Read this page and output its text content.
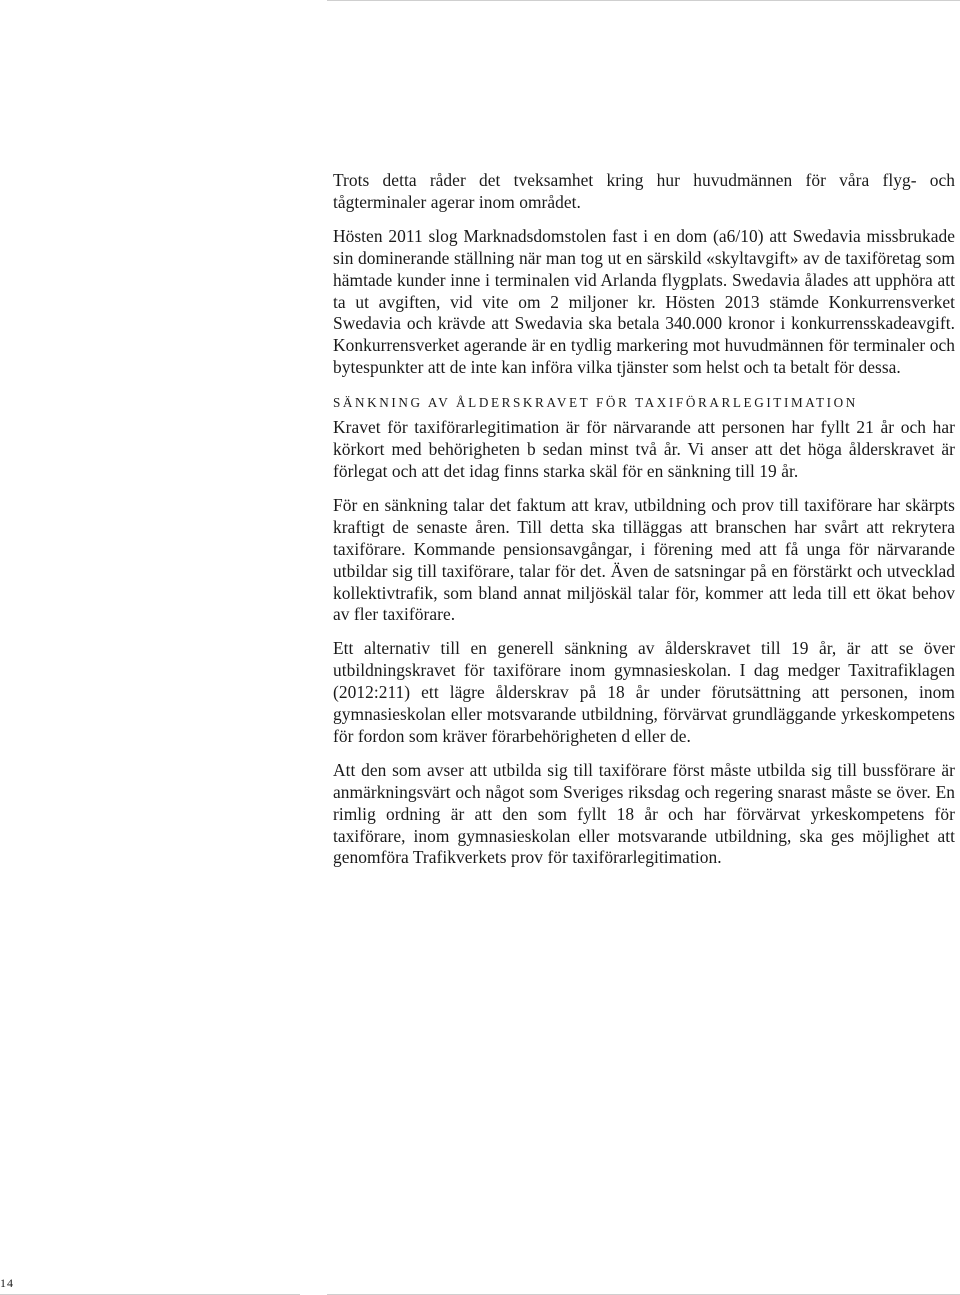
Trots detta råder det tveksamhet kring hur huvudmännen för våra flyg- och tågterminaler agerar inom området.

Hösten 2011 slog Marknadsdomstolen fast i en dom (a6/10) att Swedavia missbrukade sin dominerande ställning när man tog ut en särskild «skyltavgift» av de taxiföretag som hämtade kunder inne i terminalen vid Arlanda flygplats. Swedavia ålades att upphöra att ta ut avgiften, vid vite om 2 miljoner kr. Hösten 2013 stämde Konkurrensverket Swedavia och krävde att Swedavia ska betala 340.000 kronor i konkurrensskadeavgift. Konkurrensverket agerande är en tydlig markering mot huvudmännen för terminaler och bytespunkter att de inte kan införa vilka tjänster som helst och ta betalt för dessa.

SÄNKNING AV ÅLDERSKRAVET FÖR TAXIFÖRARLEGITIMATION

Kravet för taxiförarlegitimation är för närvarande att personen har fyllt 21 år och har körkort med behörigheten b sedan minst två år. Vi anser att det höga ålderskravet är förlegat och att det idag finns starka skäl för en sänkning till 19 år.

För en sänkning talar det faktum att krav, utbildning och prov till taxiförare har skärpts kraftigt de senaste åren. Till detta ska tilläggas att branschen har svårt att rekrytera taxiförare. Kommande pensionsavgångar, i förening med att få unga för närvarande utbildar sig till taxiförare, talar för det. Även de satsningar på en förstärkt och utvecklad kollektivtrafik, som bland annat miljöskäl talar för, kommer att leda till ett ökat behov av fler taxiförare.

Ett alternativ till en generell sänkning av ålderskravet till 19 år, är att se över utbildningskravet för taxiförare inom gymnasieskolan. I dag medger Taxitrafiklagen (2012:211) ett lägre ålderskrav på 18 år under förutsättning att personen, inom gymnasieskolan eller motsvarande utbildning, förvärvat grundläggande yrkeskompetens för fordon som kräver förarbehörigheten d eller de.

Att den som avser att utbilda sig till taxiförare först måste utbilda sig till bussförare är anmärkningsvärt och något som Sveriges riksdag och regering snarast måste se över. En rimlig ordning är att den som fyllt 18 år och har förvärvat yrkeskompetens för taxiförare, inom gymnasieskolan eller motsvarande utbildning, ska ges möjlighet att genomföra Trafikverkets prov för taxiförarlegitimation.

14
